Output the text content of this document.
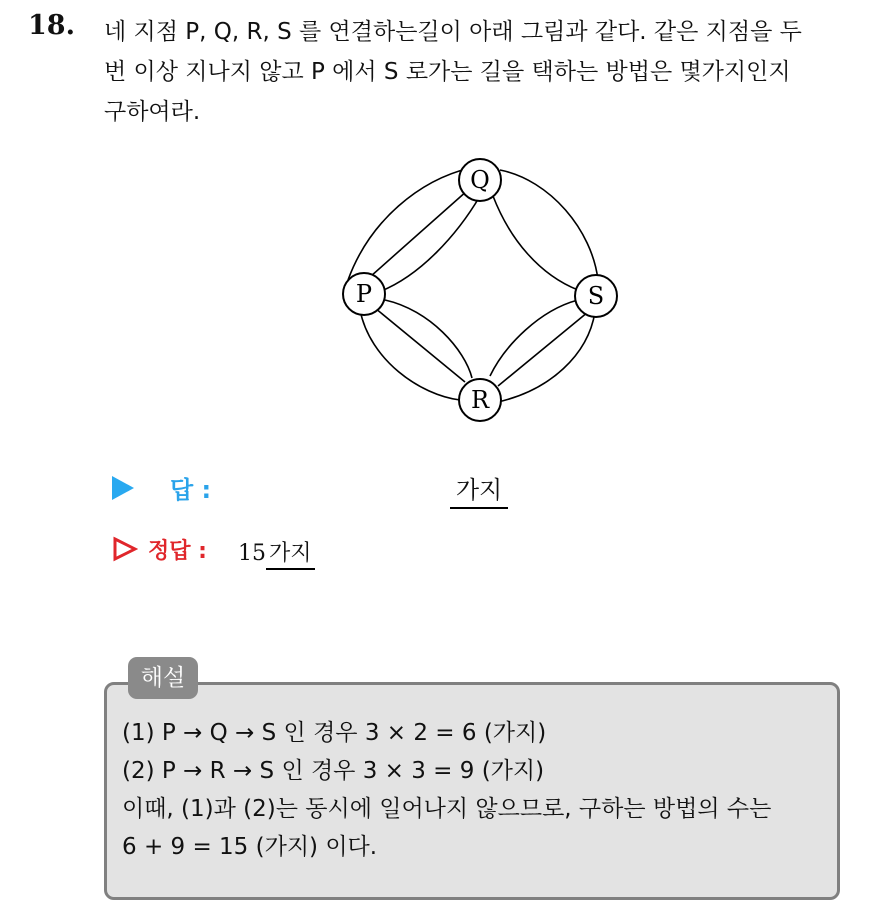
18. 네 지점 P, Q, R, S 를 연결하는길이 아래 그림과 같다. 같은 지점을 두

번 이상 지나지 않고 P 에서 S 로가는 길을 택하는 방법은 몇가지인지

구하여라.

Q
P	S
R
답 :	가지
정답 : 15 가지
해설

(1) P → Q → S 인 경우 3 × 2 = 6 (가지)

(2) P → R → S 인 경우 3 × 3 = 9 (가지)

이때, (1)과 (2)는 동시에 일어나지 않으므로, 구하는 방법의 수는

6 + 9 = 15 (가지) 이다.
